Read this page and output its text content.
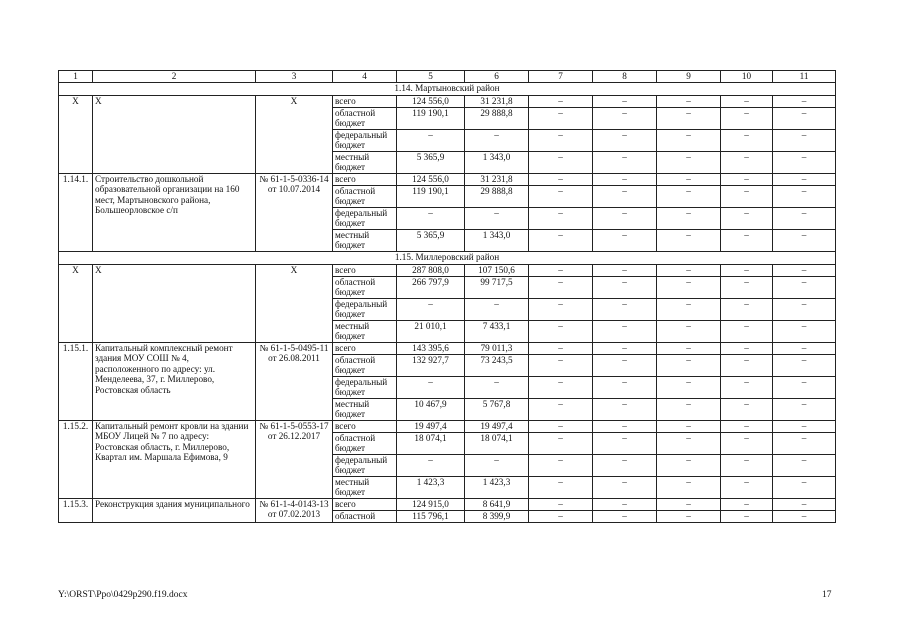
1	2	3	4	5	6	7	8	9	10	11
1.14. Мартыновский район										
X	X	X	всего	124 556,0	31 231,8	–	–	–	–	–
			областной бюджет	119 190,1	29 888,8	–	–	–	–	–
			федеральный бюджет	–	–	–	–	–	–	–
			местный бюджет	5 365,9	1 343,0	–	–	–	–	–
1.14.1.	Строительство дошкольной образовательной организации на 160 мест, Мартыновского района, Большеорловское с/п	№ 61-1-5-0336-14 от 10.07.2014	всего	124 556,0	31 231,8	–	–	–	–	–
			областной бюджет	119 190,1	29 888,8	–	–	–	–	–
			федеральный бюджет	–	–	–	–	–	–	–
			местный бюджет	5 365,9	1 343,0	–	–	–	–	–
1.15. Миллеровский район										
X	X	X	всего	287 808,0	107 150,6	–	–	–	–	–
			областной бюджет	266 797,9	99 717,5	–	–	–	–	–
			федеральный бюджет	–	–	–	–	–	–	–
			местный бюджет	21 010,1	7 433,1	–	–	–	–	–
1.15.1.	Капитальный комплексный ремонт здания МОУ СОШ № 4, расположенного по адресу: ул. Менделеева, 37, г. Миллерово, Ростовская область	№ 61-1-5-0495-11 от 26.08.2011	всего	143 395,6	79 011,3	–	–	–	–	–
			областной бюджет	132 927,7	73 243,5	–	–	–	–	–
			федеральный бюджет	–	–	–	–	–	–	–
			местный бюджет	10 467,9	5 767,8	–	–	–	–	–
1.15.2.	Капитальный ремонт кровли на здании МБОУ Лицей № 7 по адресу: Ростовская область, г. Миллерово, Квартал им. Маршала Ефимова, 9	№ 61-1-5-0553-17 от 26.12.2017	всего	19 497,4	19 497,4	–	–	–	–	–
			областной бюджет	18 074,1	18 074,1	–	–	–	–	–
			федеральный бюджет	–	–	–	–	–	–	–
			местный бюджет	1 423,3	1 423,3	–	–	–	–	–
1.15.3.	Реконструкция здания муниципального	№ 61-1-4-0143-13 от 07.02.2013	всего	124 915,0	8 641,9	–	–	–	–	–
			областной	115 796,1	8 399,9	–	–	–	–	–
Y:\ORST\Ppo\0429p290.f19.docx	17
